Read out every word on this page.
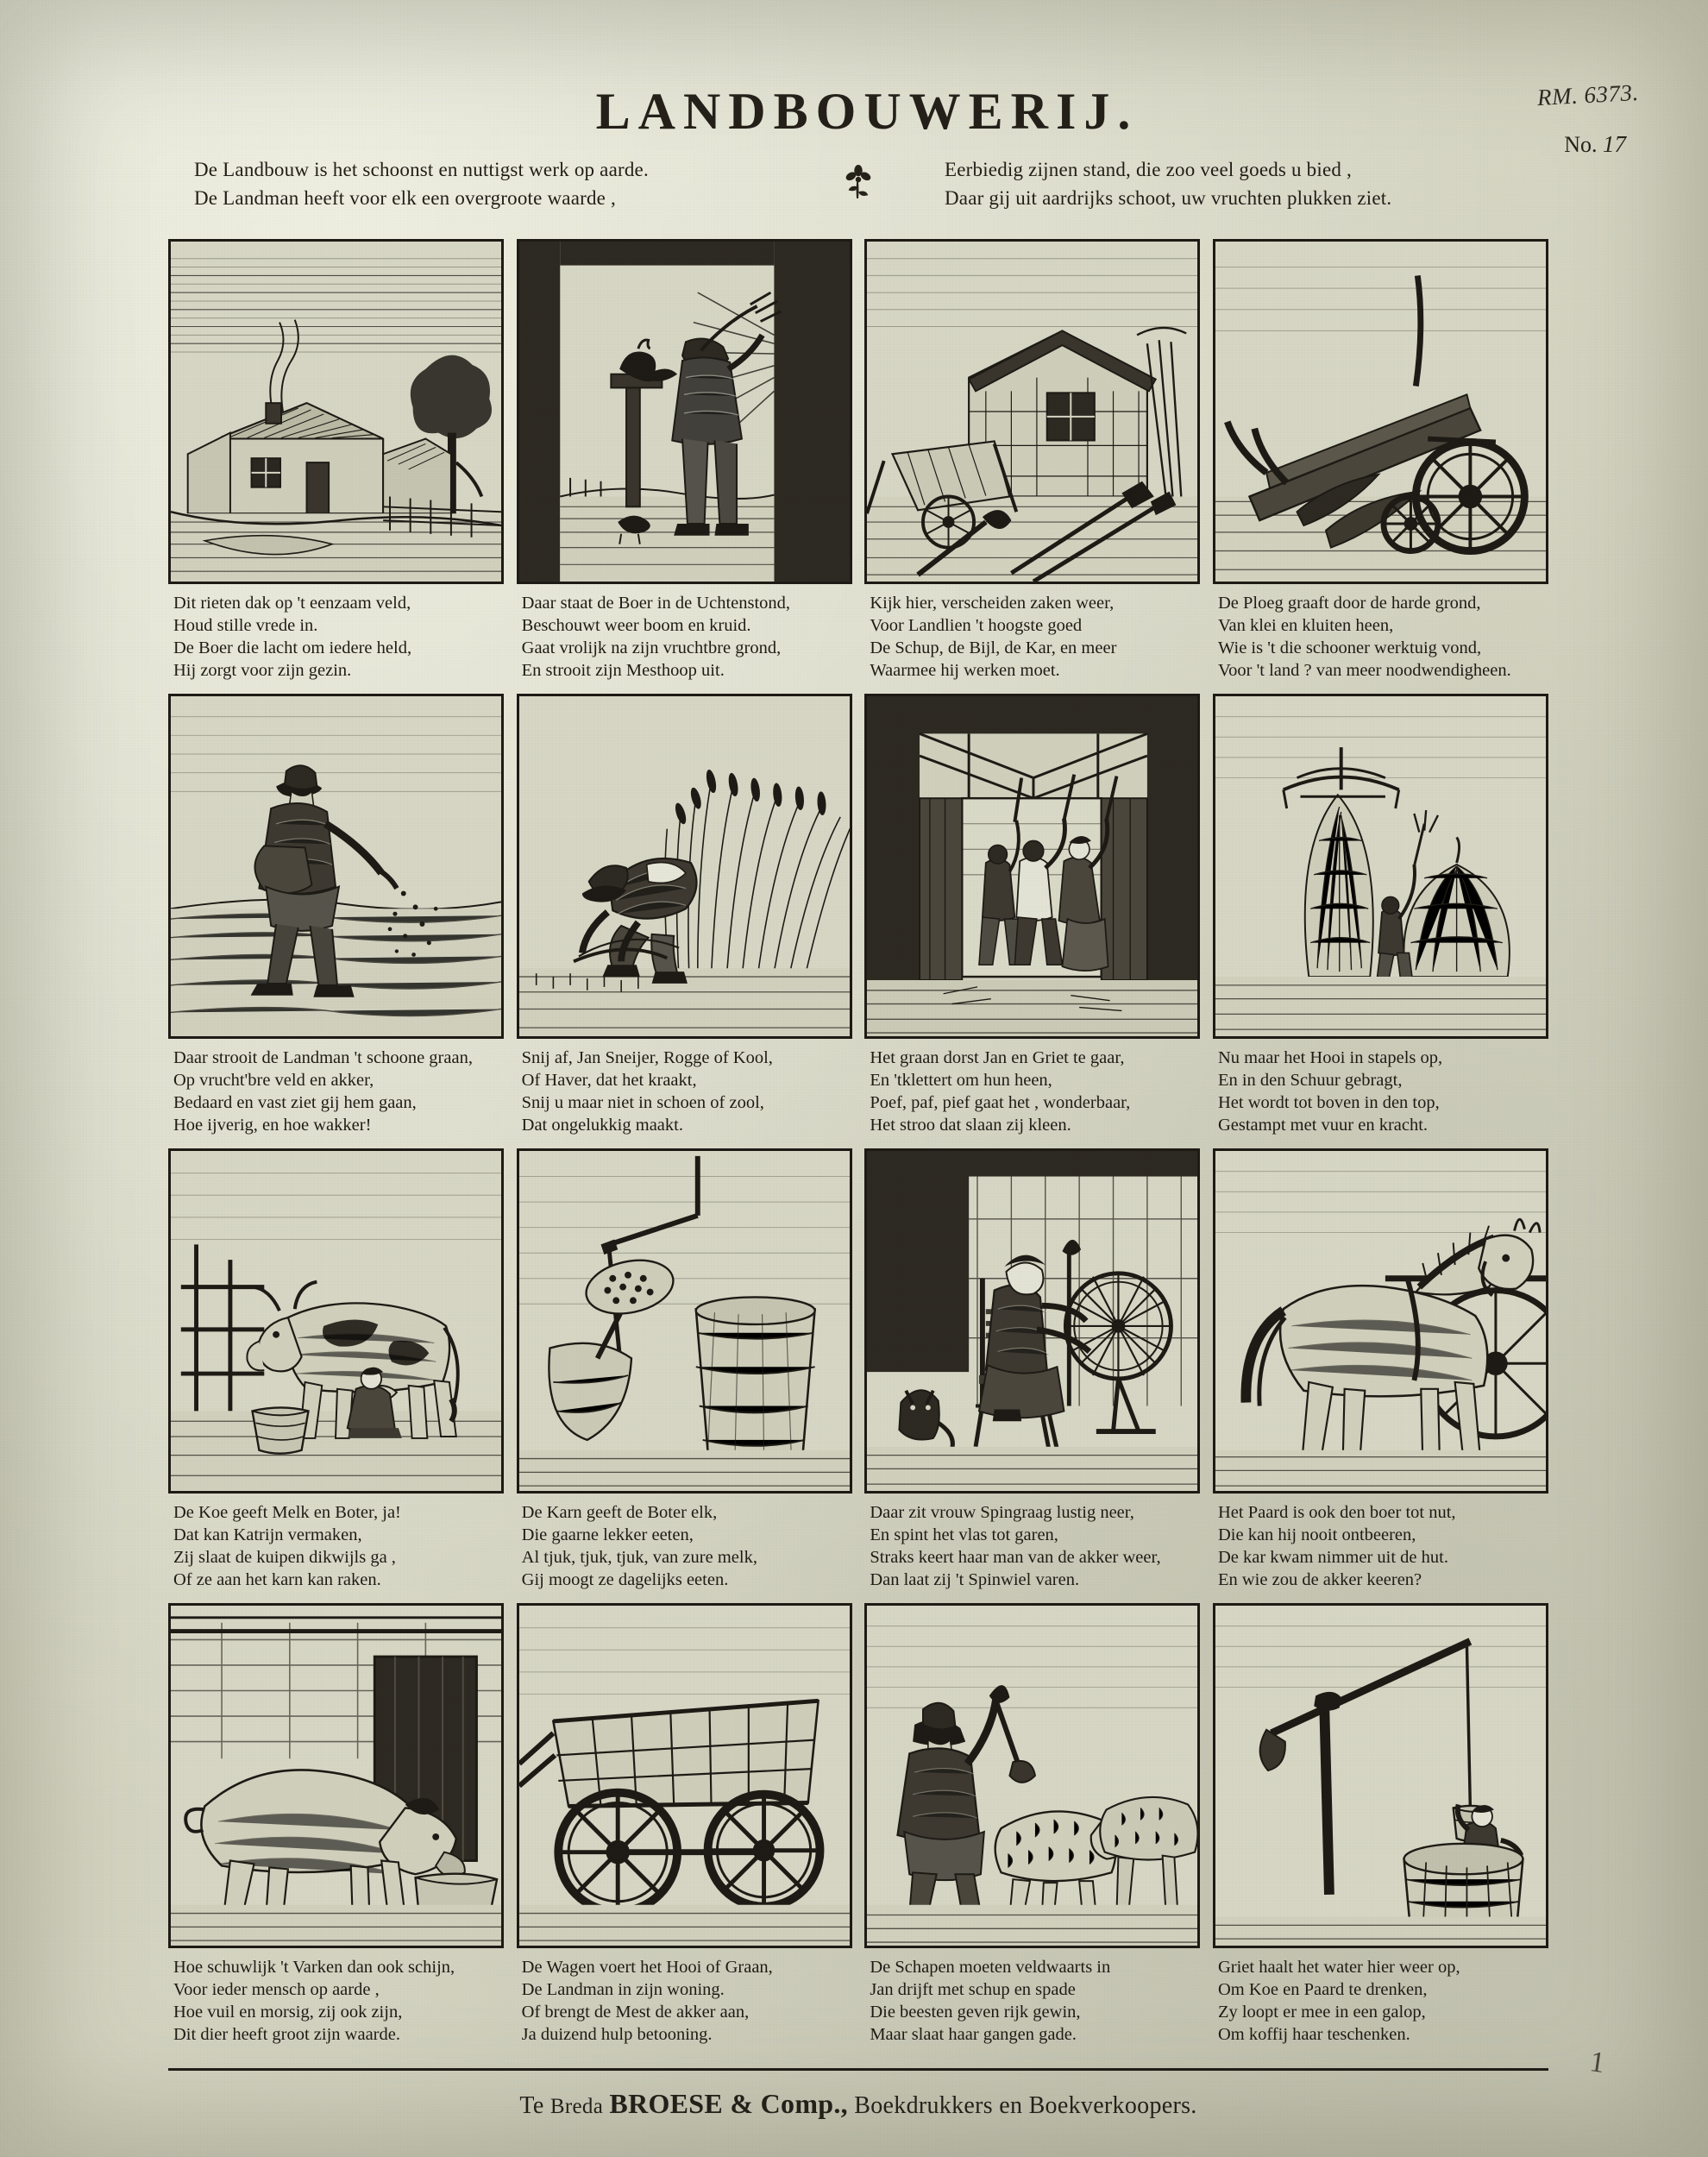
RM. 6373.
No. 17
LANDBOUWERIJ.
De Landbouw is het schoonst en nuttigst werk op aarde.
De Landman heeft voor elk een overgroote waarde ,
Eerbiedig zijnen stand, die zoo veel goeds u bied ,
Daar gij uit aardrijks schoot, uw vruchten plukken ziet.
Dit rieten dak op 't eenzaam veld,
Houd stille vrede in.
De Boer die lacht om iedere held,
Hij zorgt voor zijn gezin.
Daar staat de Boer in de Uchtenstond,
Beschouwt weer boom en kruid.
Gaat vrolijk na zijn vruchtbre grond,
En strooit zijn Mesthoop uit.
Kijk hier, verscheiden zaken weer,
Voor Landlien 't hoogste goed
De Schup, de Bijl, de Kar, en meer
Waarmee hij werken moet.
De Ploeg graaft door de harde grond,
Van klei en kluiten heen,
Wie is 't die schooner werktuig vond,
Voor 't land ? van meer noodwendigheen.
Daar strooit de Landman 't schoone graan,
Op vrucht'bre veld en akker,
Bedaard en vast ziet gij hem gaan,
Hoe ijverig, en hoe wakker!
Snij af, Jan Sneijer, Rogge of Kool,
Of Haver, dat het kraakt,
Snij u maar niet in schoen of zool,
Dat ongelukkig maakt.
Het graan dorst Jan en Griet te gaar,
En 'tklettert om hun heen,
Poef, paf, pief gaat het , wonderbaar,
Het stroo dat slaan zij kleen.
Nu maar het Hooi in stapels op,
En in den Schuur gebragt,
Het wordt tot boven in den top,
Gestampt met vuur en kracht.
De Koe geeft Melk en Boter, ja!
Dat kan Katrijn vermaken,
Zij slaat de kuipen dikwijls ga ,
Of ze aan het karn kan raken.
De Karn geeft de Boter elk,
Die gaarne lekker eeten,
Al tjuk, tjuk, tjuk, van zure melk,
Gij moogt ze dagelijks eeten.
Daar zit vrouw Spingraag lustig neer,
En spint het vlas tot garen,
Straks keert haar man van de akker weer,
Dan laat zij 't Spinwiel varen.
Het Paard is ook den boer tot nut,
Die kan hij nooit ontbeeren,
De kar kwam nimmer uit de hut.
En wie zou de akker keeren?
Hoe schuwlijk 't Varken dan ook schijn,
Voor ieder mensch op aarde ,
Hoe vuil en morsig, zij ook zijn,
Dit dier heeft groot zijn waarde.
De Wagen voert het Hooi of Graan,
De Landman in zijn woning.
Of brengt de Mest de akker aan,
Ja duizend hulp betooning.
De Schapen moeten veldwaarts in
Jan drijft met schup en spade
Die beesten geven rijk gewin,
Maar slaat haar gangen gade.
Griet haalt het water hier weer op,
Om Koe en Paard te drenken,
Zy loopt er mee in een galop,
Om koffij haar teschenken.
Te Breda BROESE & Comp., Boekdrukkers en Boekverkoopers.
1
